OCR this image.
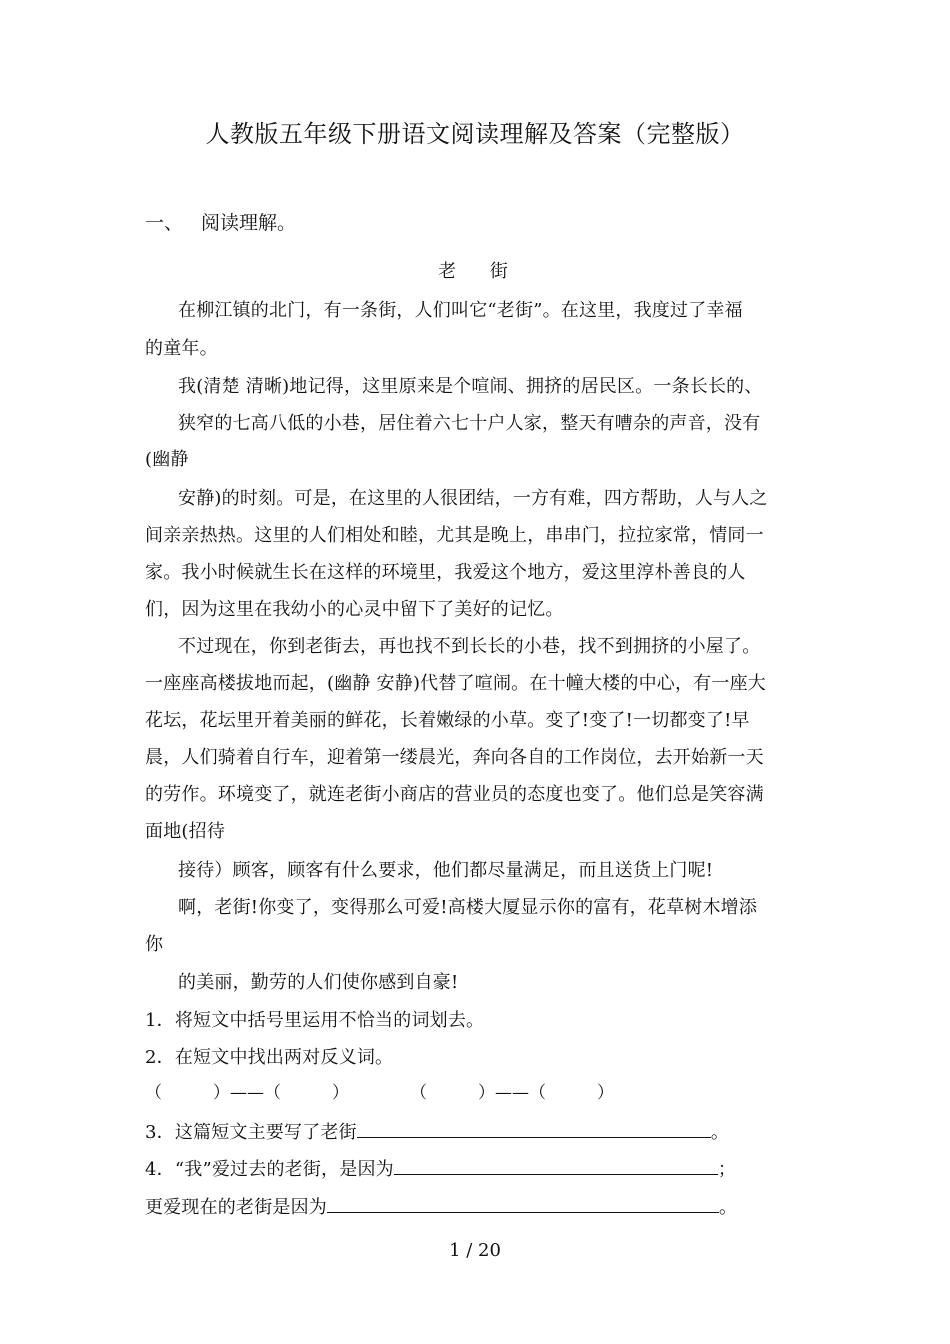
人教版五年级下册语文阅读理解及答案（完整版）
一、 阅读理解。
老 街
在柳江镇的北门，有一条街，人们叫它“老街”。在这里，我度过了幸福
的童年。
我(清楚 清晰)地记得，这里原来是个喧闹、拥挤的居民区。一条长长的、
狭窄的七高八低的小巷，居住着六七十户人家，整天有嘈杂的声音，没有
(幽静
安静)的时刻。可是，在这里的人很团结，一方有难，四方帮助，人与人之
间亲亲热热。这里的人们相处和睦，尤其是晚上，串串门，拉拉家常，情同一
家。我小时候就生长在这样的环境里，我爱这个地方，爱这里淳朴善良的人
们，因为这里在我幼小的心灵中留下了美好的记忆。
不过现在，你到老街去，再也找不到长长的小巷，找不到拥挤的小屋了。
一座座高楼拔地而起，(幽静 安静)代替了喧闹。在十幢大楼的中心，有一座大
花坛，花坛里开着美丽的鲜花，长着嫩绿的小草。变了!变了!一切都变了!早
晨，人们骑着自行车，迎着第一缕晨光，奔向各自的工作岗位，去开始新一天
的劳作。环境变了，就连老街小商店的营业员的态度也变了。他们总是笑容满
面地(招待
接待）顾客，顾客有什么要求，他们都尽量满足，而且送货上门呢!
啊，老街!你变了，变得那么可爱!高楼大厦显示你的富有，花草树木增添
你
的美丽，勤劳的人们使你感到自豪!
1．将短文中括号里运用不恰当的词划去。
2．在短文中找出两对反义词。
（　　　）——（　　　）	（　　　）——（　　　）
3．这篇短文主要写了老街	。
4．“我”爱过去的老街，是因为	；
更爱现在的老街是因为	。
1 / 20
